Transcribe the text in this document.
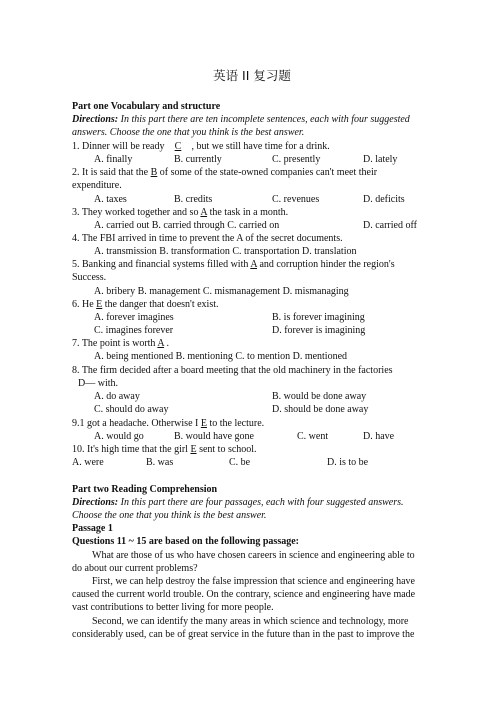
英语 II 复习题
Part one Vocabulary and structure
Directions: In this part there are ten incomplete sentences, each with four suggested
answers. Choose the one that you think is the best answer.
1. Dinner will be ready C , but we still have time for a drink.
A. finally	B. currently	C. presently	D. lately
2. It is said that the B of some of the state-owned companies can't meet their
expenditure.
A. taxes	B. credits	C. revenues	D. deficits
3. They worked together and so A the task in a month.
A. carried out B. carried through C. carried on	D. carried off
4. The FBI arrived in time to prevent the A of the secret documents.
A. transmission B. transformation C. transportation D. translation
5. Banking and financial systems filled with A and corruption hinder the region's
Success.
A. bribery B. management C. mismanagement D. mismanaging
6. He E the danger that doesn't exist.
A. forever imagines	B. is forever imagining
C. imagines forever	D. forever is imagining
7. The point is worth A .
A. being mentioned B. mentioning C. to mention D. mentioned
8. The firm decided after a board meeting that the old machinery in the factories
D— with.
A. do away	B. would be done away
C. should do away	D. should be done away
9.1 got a headache. Otherwise I E to the lecture.
A. would go	B. would have gone	C. went	D. have
10. It's high time that the girl E sent to school.
A. were	B. was	C. be	D. is to be
Part two Reading Comprehension
Directions: In this part there are four passages, each with four suggested answers.
Choose the one that you think is the best answer.
Passage 1
Questions 11 ~ 15 are based on the following passage:
What are those of us who have chosen careers in science and engineering able to
do about our current problems?
First, we can help destroy the false impression that science and engineering have
caused the current world trouble. On the contrary, science and engineering have made
vast contributions to better living for more people.
Second, we can identify the many areas in which science and technology, more
considerably used, can be of great service in the future than in the past to improve the
